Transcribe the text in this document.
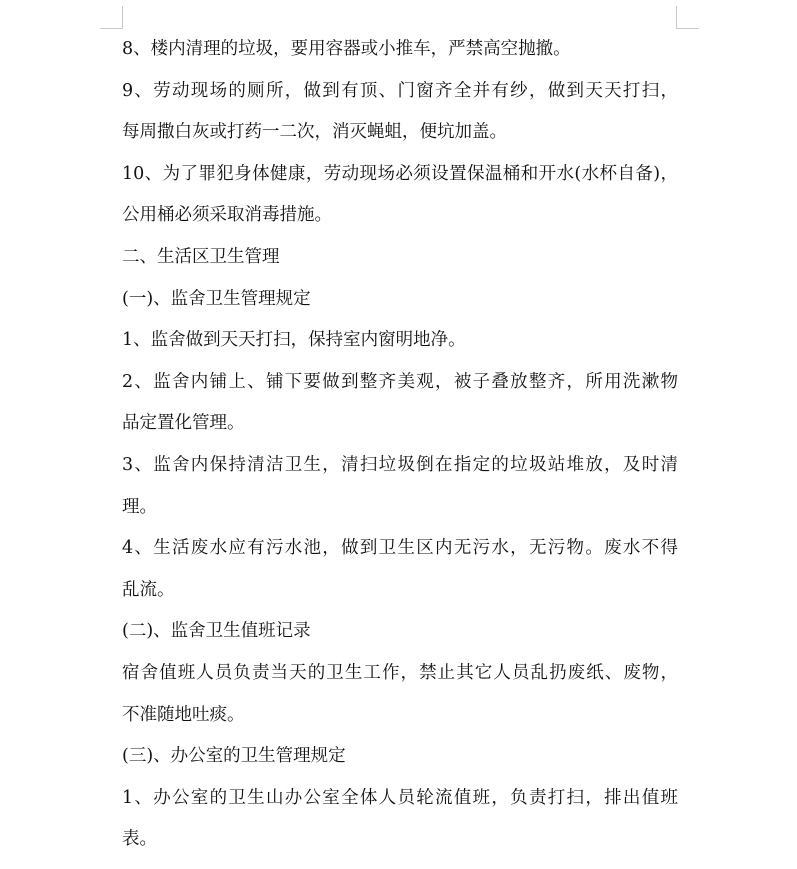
8、楼内清理的垃圾，要用容器或小推车，严禁高空抛撤。
9、劳动现场的厕所，做到有顶、门窗齐全并有纱，做到天天打扫，
每周撒白灰或打药一二次，消灭蝇蛆，便坑加盖。
10、为了罪犯身体健康，劳动现场必须设置保温桶和开水(水杯自备)，
公用桶必须采取消毒措施。
二、生活区卫生管理
(一)、监舍卫生管理规定
1、监舍做到天天打扫，保持室内窗明地净。
2、监舍内铺上、铺下要做到整齐美观，被子叠放整齐，所用洗漱物
品定置化管理。
3、监舍内保持清洁卫生，清扫垃圾倒在指定的垃圾站堆放，及时清
理。
4、生活废水应有污水池，做到卫生区内无污水，无污物。废水不得
乱流。
(二)、监舍卫生值班记录
宿舍值班人员负责当天的卫生工作，禁止其它人员乱扔废纸、废物，
不准随地吐痰。
(三)、办公室的卫生管理规定
1、办公室的卫生山办公室全体人员轮流值班，负责打扫，排出值班
表。
